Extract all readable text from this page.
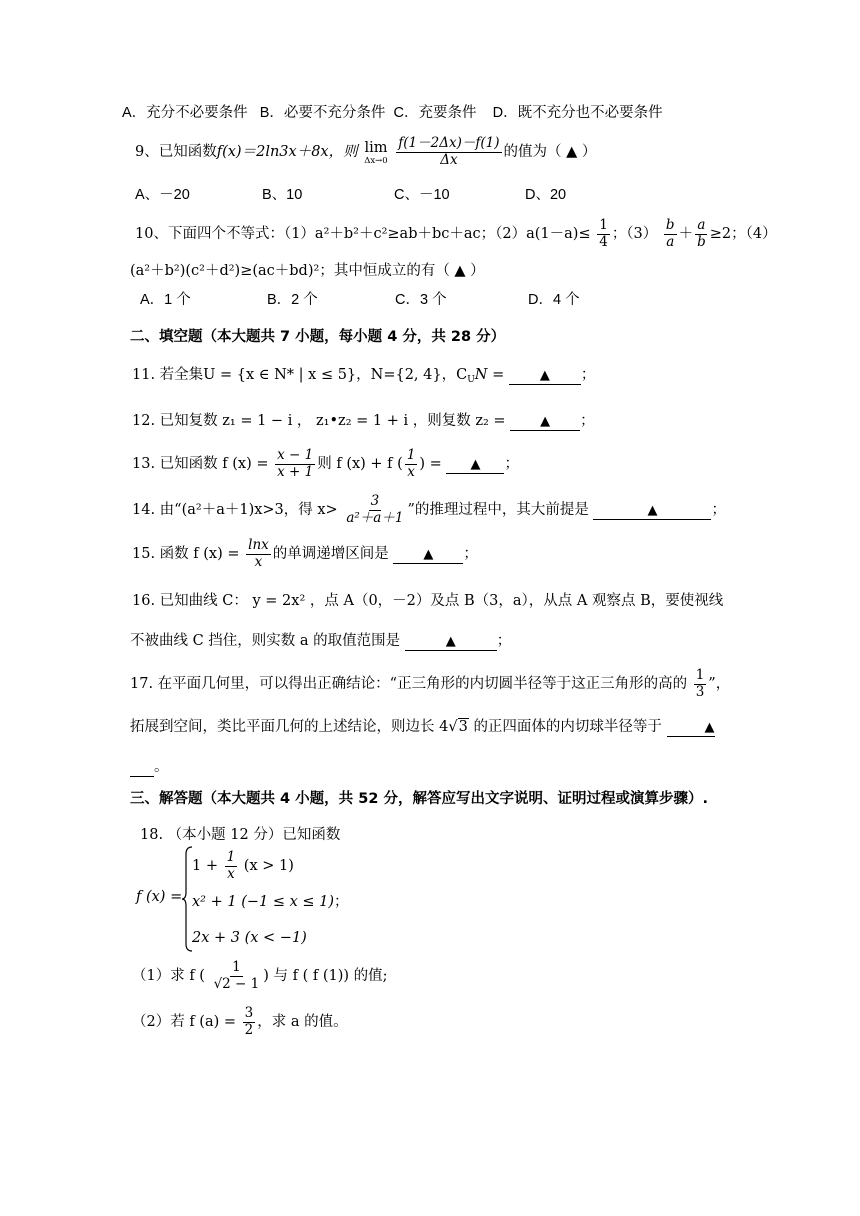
A．充分不必要条件 B．必要不充分条件 C．充要条件 D．既不充分也不必要条件
9、已知函数f(x)＝2ln3x＋8x，则 lim
Δx→0
$\frac{f(1-2\Delta x)-f(1)}{\Delta x}$ 的值为（ ▲ ）
A、－20	B、10	C、－10	D、20
10、下面四个不等式：（1）a²＋b²＋c²≥ab＋bc＋ac；$(2)a(1-a)\le \frac{1}{4}$ ；$(3) \frac{b}{a} + \frac{a}{b} \ge 2$；（4）
(a²＋b²)(c²＋d²)≥(ac＋bd)²；其中恒成立的有（ ▲ ）
A．1 个	B．2 个	C．3 个	D．4 个
二、填空题（本大题共 7 小题，每小题 4 分，共 28 分）
11. 若全集U = {x ∈ N* | x ≤ 5}，N={2, 4}，$C_UN$ =	▲ ；
12. 已知复数 z₁ = 1 − i ， z₁•z₂ = 1 + i ，则复数 z₂ =	▲ ；
13. 已知函数 f $(x) = \frac{x - 1}{x + 1}$ 则 f (x) + f ( $\frac{1}{x}$ ) = ▲ ；
14. 由“(a²＋a＋1)x>3，得 $x> \frac{3}{\text{a²＋a＋1}}$ ”的推理过程中，其大前提是	▲	；
15. 函数 f $(x) = \frac{\ln x}{x}$ 的单调递增区间是	▲ ；
16. 已知曲线 C： y = 2x² ，点 A（0，－2）及点 B（3，a），从点 A 观察点 B，要使视线
不被曲线 C 挡住，则实数 a 的取值范围是	▲	；
17. 在平面几何里，可以得出正确结论：“正三角形的内切圆半径等于这正三角形的高的 $\frac{1}{3}$ ”，
拓展到空间，类比平面几何的上述结论，则边长 4√3 的正四面体的内切球半径等于	▲
。
三、解答题（本大题共 4 小题，共 52 分，解答应写出文字说明、证明过程或演算步骤）.
18. （本小题 12 分）已知函数
f (x) =
$1 + \frac{1}{x} (x > 1)$
x² + 1 (−1 ≤ x ≤ 1)；
2x + 3 (x < −1)
（1）求 f ( $\frac{1}{√2 - 1}$ ) 与 f ( f (1)) 的值;
（2）若 f $(a) = \frac{3}{2}$ ，求 a 的值。
